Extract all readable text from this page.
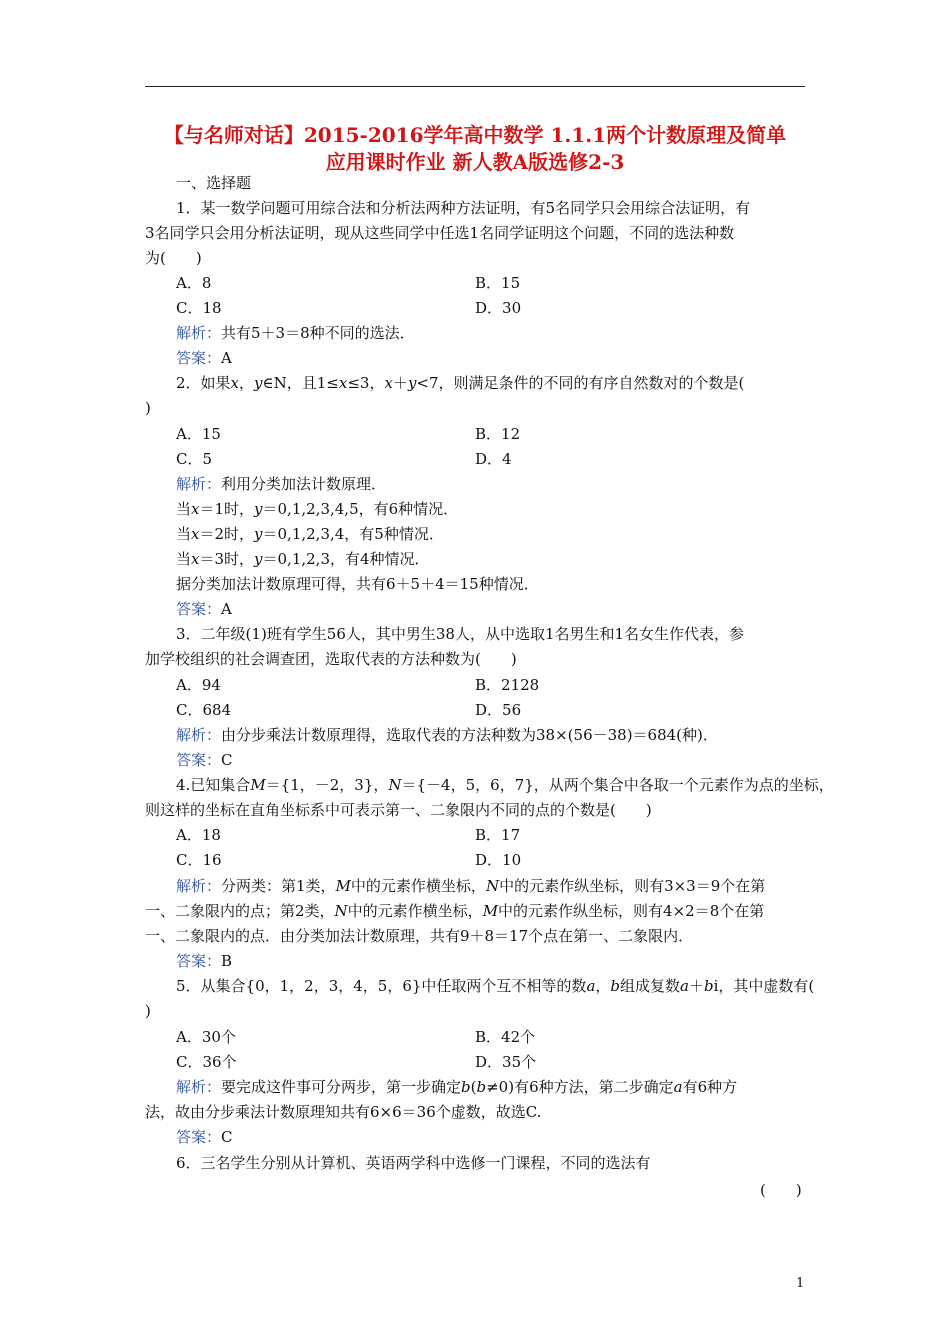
【与名师对话】2015-2016学年高中数学 1.1.1两个计数原理及简单
应用课时作业 新人教A版选修2-3
一、选择题
1．某一数学问题可用综合法和分析法两种方法证明，有5名同学只会用综合法证明，有
3名同学只会用分析法证明，现从这些同学中任选1名同学证明这个问题，不同的选法种数
为(　　)
A．8	B．15
C．18	D．30
解析：共有5＋3＝8种不同的选法．
答案：A
2．如果x，y∈N，且1≤x≤3，x＋y<7，则满足条件的不同的有序自然数对的个数是(
)
A．15	B．12
C．5	D．4
解析：利用分类加法计数原理．
当x＝1时，y＝0,1,2,3,4,5，有6种情况．
当x＝2时，y＝0,1,2,3,4，有5种情况．
当x＝3时，y＝0,1,2,3，有4种情况．
据分类加法计数原理可得，共有6＋5＋4＝15种情况．
答案：A
3．二年级(1)班有学生56人，其中男生38人，从中选取1名男生和1名女生作代表，参
加学校组织的社会调查团，选取代表的方法种数为(　　)
A．94	B．2128
C．684	D．56
解析：由分步乘法计数原理得，选取代表的方法种数为38×(56－38)＝684(种)．
答案：C
4.已知集合M＝{1，－2，3}，N＝{－4，5，6，7}，从两个集合中各取一个元素作为点的坐标，
则这样的坐标在直角坐标系中可表示第一、二象限内不同的点的个数是(　　)
A．18	B．17
C．16	D．10
解析：分两类：第1类，M中的元素作横坐标，N中的元素作纵坐标，则有3×3＝9个在第
一、二象限内的点；第2类，N中的元素作横坐标，M中的元素作纵坐标，则有4×2＝8个在第
一、二象限内的点．由分类加法计数原理，共有9＋8＝17个点在第一、二象限内．
答案：B
5．从集合{0，1，2，3，4，5，6}中任取两个互不相等的数a，b组成复数a＋bi，其中虚数有(
)
A．30个	B．42个
C．36个	D．35个
解析：要完成这件事可分两步，第一步确定b(b≠0)有6种方法，第二步确定a有6种方
法，故由分步乘法计数原理知共有6×6＝36个虚数，故选C.
答案：C
6．三名学生分别从计算机、英语两学科中选修一门课程，不同的选法有
(　　)
1
